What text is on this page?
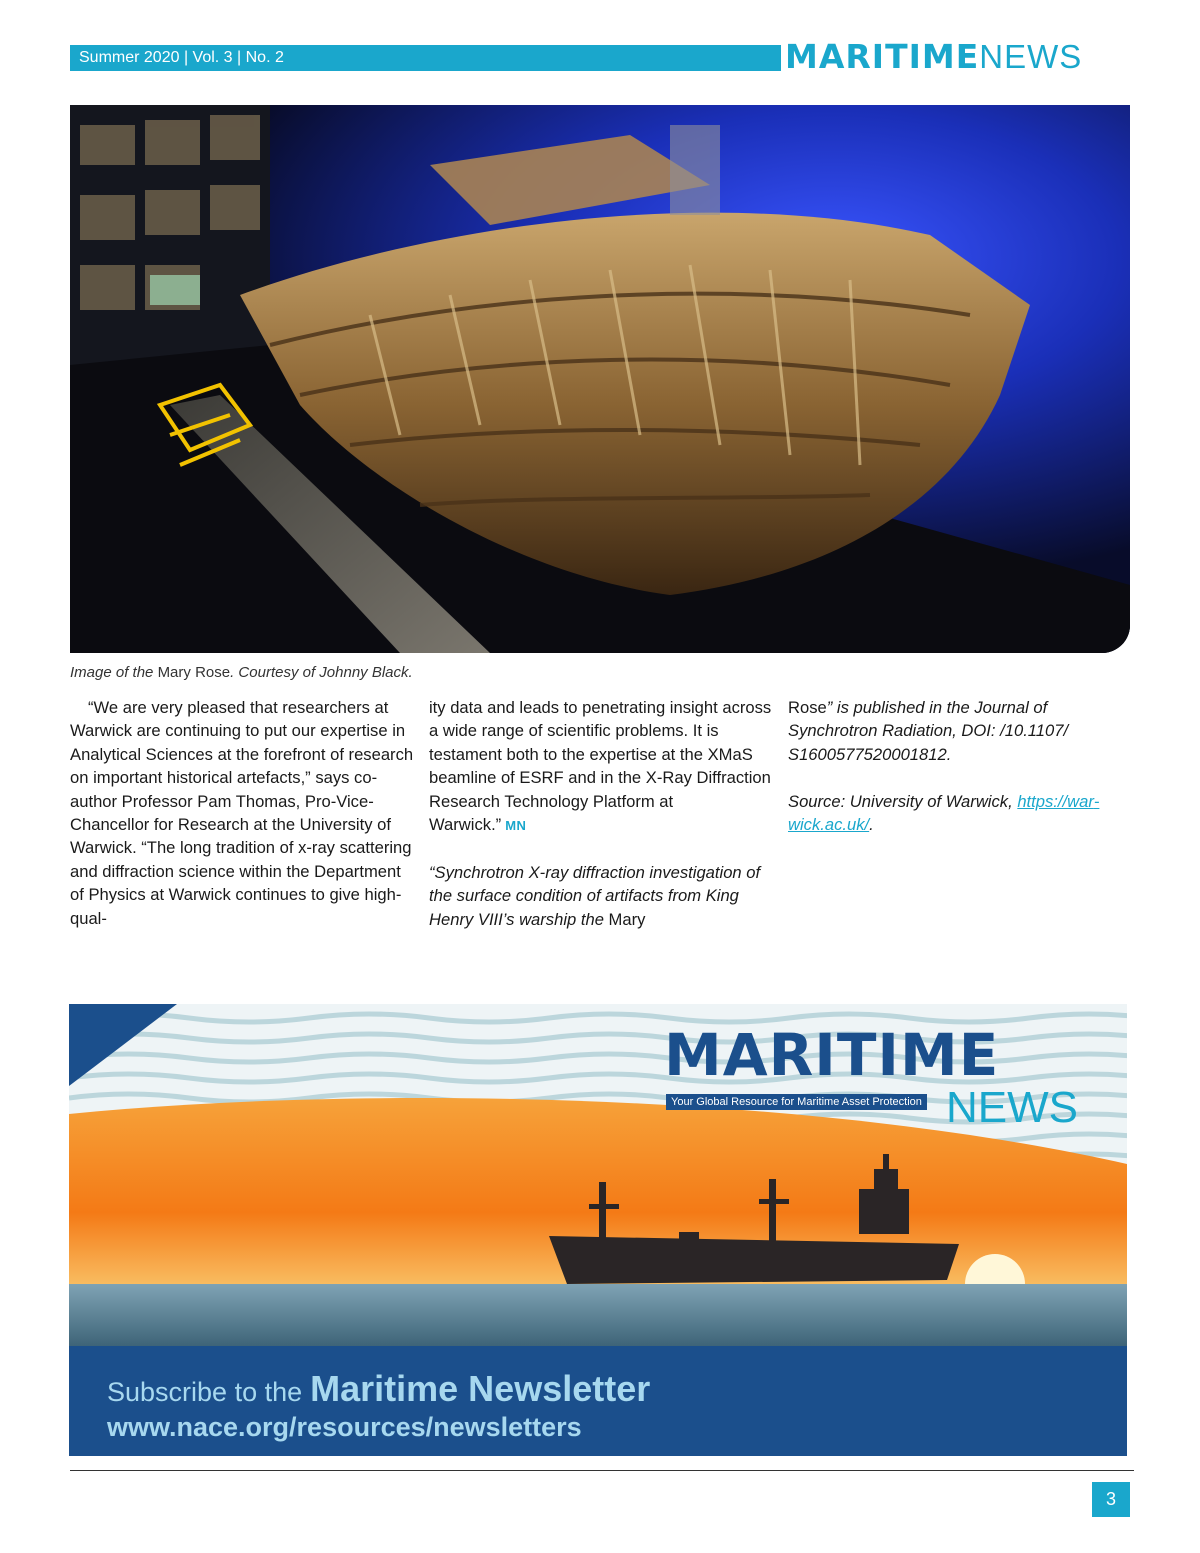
Summer 2020 | Vol. 3 | No. 2	MARITIMENEWS
Image of the Mary Rose. Courtesy of Johnny Black.

“We are very pleased that researchers at Warwick are continuing to put our expertise in Analytical Sciences at the forefront of research on important historical artefacts,” says co-author Professor Pam Thomas, Pro-Vice-Chancellor for Research at the University of Warwick. “The long tradition of x-ray scattering and diffraction science within the Department of Physics at Warwick continues to give high-qual-

ity data and leads to penetrating insight across a wide range of scientific problems. It is testament both to the expertise at the XMaS beamline of ESRF and in the X-Ray Diffraction Research Technology Platform at Warwick.” MN

“Synchrotron X-ray diffraction investigation of the surface condition of artifacts from King Henry VIII’s warship the Mary

Rose” is published in the Journal of Synchrotron Radiation, DOI: /10.1107/ S1600577520001812.

Source: University of Warwick, https://warwick.ac.uk/.

MARITIME
Your Global Resource for Maritime Asset Protection NEWS
Subscribe to the Maritime Newsletter
www.nace.org/resources/newsletters
3
